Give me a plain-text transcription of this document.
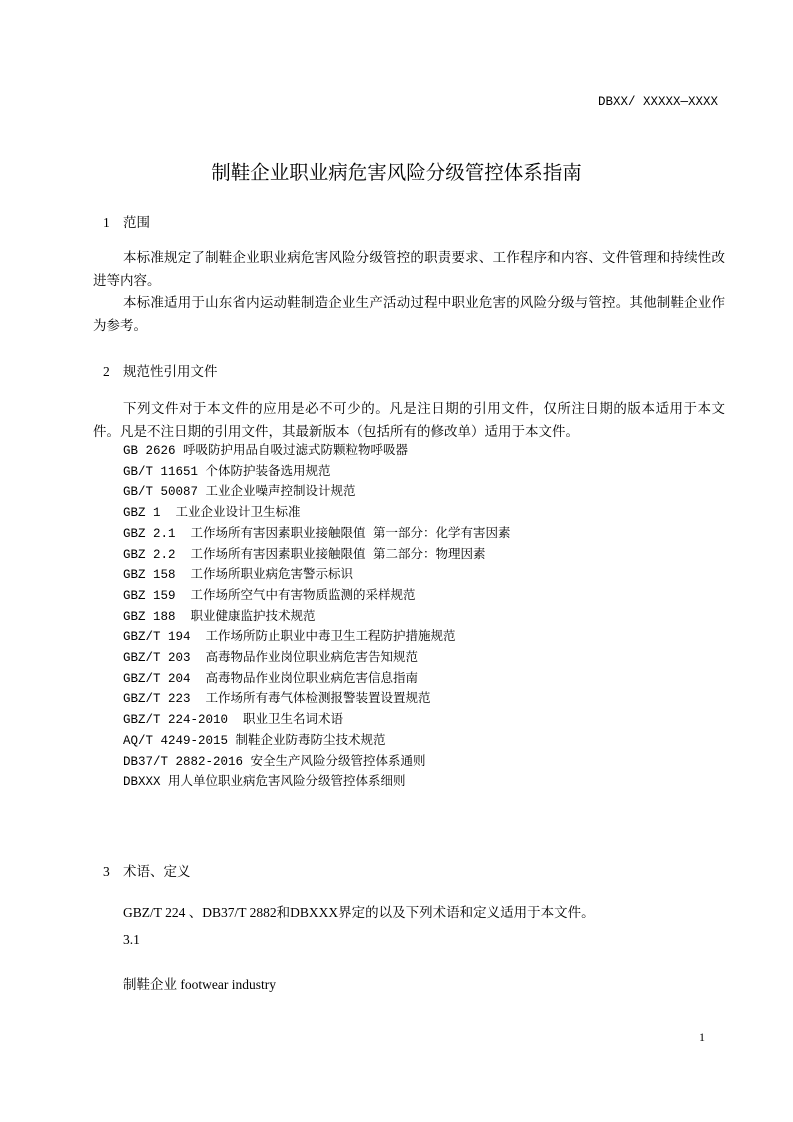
DBXX/ XXXXX—XXXX
制鞋企业职业病危害风险分级管控体系指南
1 范围

本标准规定了制鞋企业职业病危害风险分级管控的职责要求、工作程序和内容、文件管理和持续性改进等内容。

本标准适用于山东省内运动鞋制造企业生产活动过程中职业危害的风险分级与管控。其他制鞋企业作为参考。

2 规范性引用文件

下列文件对于本文件的应用是必不可少的。凡是注日期的引用文件，仅所注日期的版本适用于本文件。凡是不注日期的引用文件，其最新版本（包括所有的修改单）适用于本文件。

GB 2626 呼吸防护用品自吸过滤式防颗粒物呼吸器
GB/T 11651 个体防护装备选用规范
GB/T 50087 工业企业噪声控制设计规范
GBZ 1  工业企业设计卫生标准
GBZ 2.1  工作场所有害因素职业接触限值 第一部分：化学有害因素
GBZ 2.2  工作场所有害因素职业接触限值 第二部分：物理因素
GBZ 158  工作场所职业病危害警示标识
GBZ 159  工作场所空气中有害物质监测的采样规范
GBZ 188  职业健康监护技术规范
GBZ/T 194  工作场所防止职业中毒卫生工程防护措施规范
GBZ/T 203  高毒物品作业岗位职业病危害告知规范
GBZ/T 204  高毒物品作业岗位职业病危害信息指南
GBZ/T 223  工作场所有毒气体检测报警装置设置规范
GBZ/T 224-2010  职业卫生名词术语
AQ/T 4249-2015 制鞋企业防毒防尘技术规范
DB37/T 2882-2016 安全生产风险分级管控体系通则
DBXXX 用人单位职业病危害风险分级管控体系细则
3 术语、定义
GBZ/T 224 、DB37/T 2882和DBXXX界定的以及下列术语和定义适用于本文件。
3.1
制鞋企业 footwear industry
1
